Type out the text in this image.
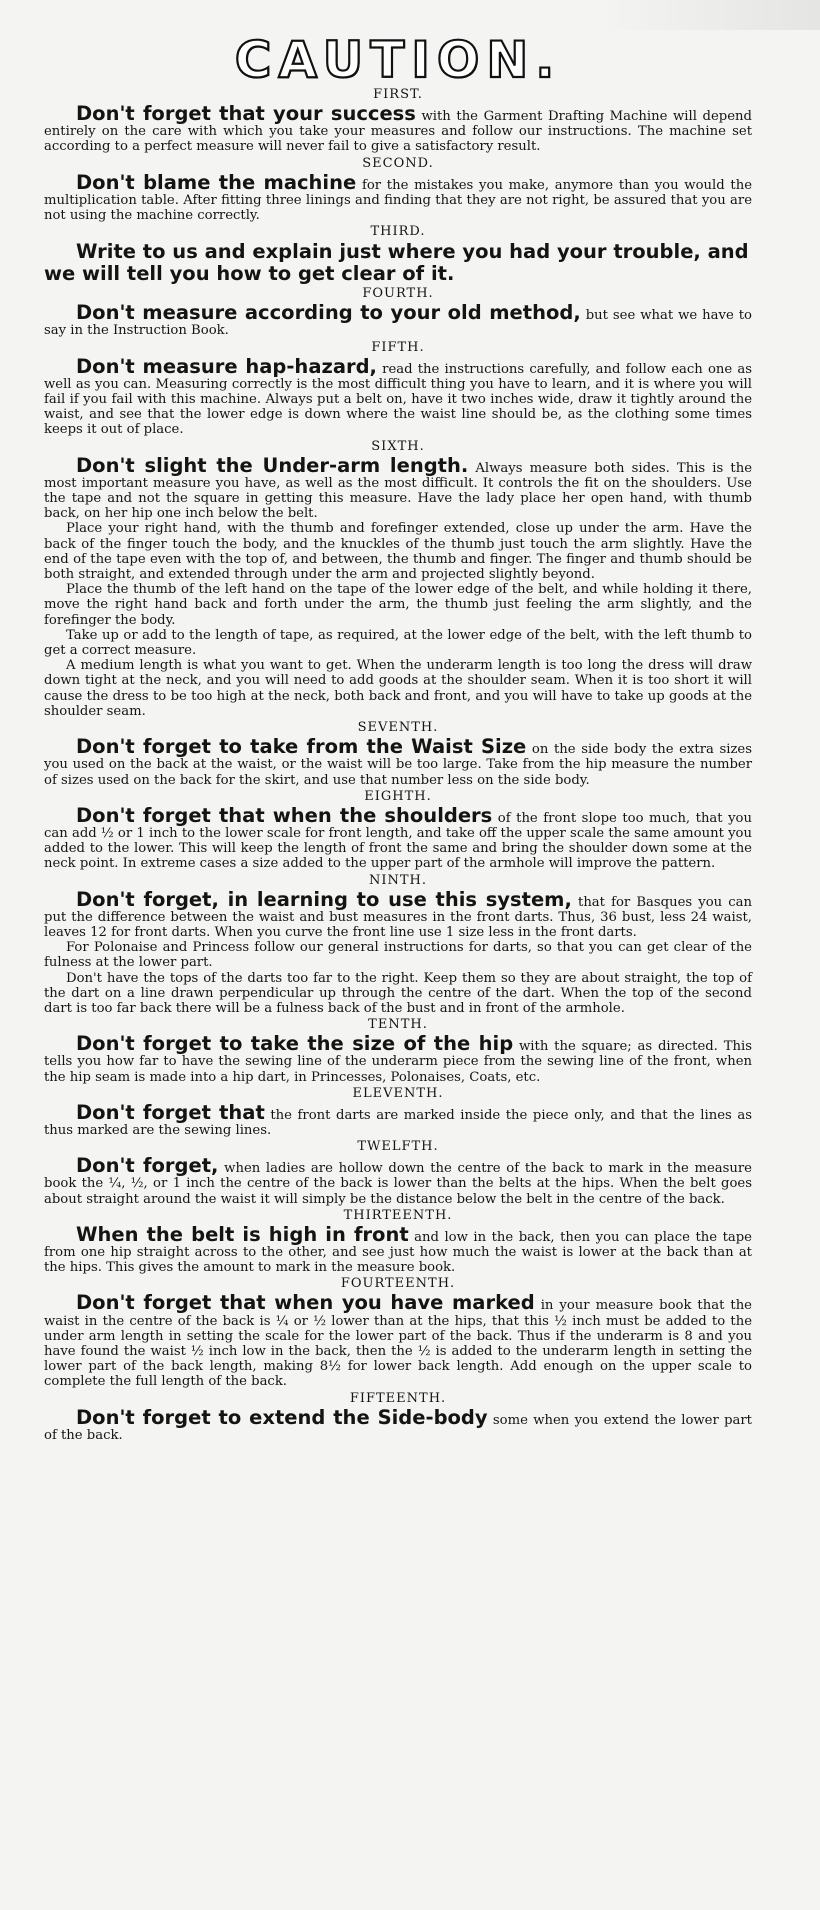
CAUTION.
FIRST.

Don't forget that your success with the Garment Drafting Machine will depend entirely on the care with which you take your measures and follow our instructions. The machine set according to a perfect measure will never fail to give a satisfactory result.

SECOND.

Don't blame the machine for the mistakes you make, anymore than you would the multiplication table. After fitting three linings and finding that they are not right, be assured that you are not using the machine correctly.

THIRD.

Write to us and explain just where you had your trouble, and we will tell you how to get clear of it.

FOURTH.

Don't measure according to your old method, but see what we have to say in the Instruction Book.

FIFTH.

Don't measure hap-hazard, read the instructions carefully, and follow each one as well as you can. Measuring correctly is the most difficult thing you have to learn, and it is where you will fail if you fail with this machine. Always put a belt on, have it two inches wide, draw it tightly around the waist, and see that the lower edge is down where the waist line should be, as the clothing some times keeps it out of place.

SIXTH.

Don't slight the Under-arm length. Always measure both sides. This is the most important measure you have, as well as the most difficult. It controls the fit on the shoulders. Use the tape and not the square in getting this measure. Have the lady place her open hand, with thumb back, on her hip one inch below the belt.

Place your right hand, with the thumb and forefinger extended, close up under the arm. Have the back of the finger touch the body, and the knuckles of the thumb just touch the arm slightly. Have the end of the tape even with the top of, and between, the thumb and finger. The finger and thumb should be both straight, and extended through under the arm and projected slightly beyond.

Place the thumb of the left hand on the tape of the lower edge of the belt, and while holding it there, move the right hand back and forth under the arm, the thumb just feeling the arm slightly, and the forefinger the body.

Take up or add to the length of tape, as required, at the lower edge of the belt, with the left thumb to get a correct measure.

A medium length is what you want to get. When the underarm length is too long the dress will draw down tight at the neck, and you will need to add goods at the shoulder seam. When it is too short it will cause the dress to be too high at the neck, both back and front, and you will have to take up goods at the shoulder seam.

SEVENTH.

Don't forget to take from the Waist Size on the side body the extra sizes you used on the back at the waist, or the waist will be too large. Take from the hip measure the number of sizes used on the back for the skirt, and use that number less on the side body.

EIGHTH.

Don't forget that when the shoulders of the front slope too much, that you can add ½ or 1 inch to the lower scale for front length, and take off the upper scale the same amount you added to the lower. This will keep the length of front the same and bring the shoulder down some at the neck point. In extreme cases a size added to the upper part of the armhole will improve the pattern.

NINTH.

Don't forget, in learning to use this system, that for Basques you can put the difference between the waist and bust measures in the front darts. Thus, 36 bust, less 24 waist, leaves 12 for front darts. When you curve the front line use 1 size less in the front darts.

For Polonaise and Princess follow our general instructions for darts, so that you can get clear of the fulness at the lower part.

Don't have the tops of the darts too far to the right. Keep them so they are about straight, the top of the dart on a line drawn perpendicular up through the centre of the dart. When the top of the second dart is too far back there will be a fulness back of the bust and in front of the armhole.

TENTH.

Don't forget to take the size of the hip with the square; as directed. This tells you how far to have the sewing line of the underarm piece from the sewing line of the front, when the hip seam is made into a hip dart, in Princesses, Polonaises, Coats, etc.

ELEVENTH.

Don't forget that the front darts are marked inside the piece only, and that the lines as thus marked are the sewing lines.

TWELFTH.

Don't forget, when ladies are hollow down the centre of the back to mark in the measure book the ¼, ½, or 1 inch the centre of the back is lower than the belts at the hips. When the belt goes about straight around the waist it will simply be the distance below the belt in the centre of the back.

THIRTEENTH.

When the belt is high in front and low in the back, then you can place the tape from one hip straight across to the other, and see just how much the waist is lower at the back than at the hips. This gives the amount to mark in the measure book.

FOURTEENTH.

Don't forget that when you have marked in your measure book that the waist in the centre of the back is ¼ or ½ lower than at the hips, that this ½ inch must be added to the under arm length in setting the scale for the lower part of the back. Thus if the underarm is 8 and you have found the waist ½ inch low in the back, then the ½ is added to the underarm length in setting the lower part of the back length, making 8½ for lower back length. Add enough on the upper scale to complete the full length of the back.

FIFTEENTH.

Don't forget to extend the Side-body some when you extend the lower part of the back.
